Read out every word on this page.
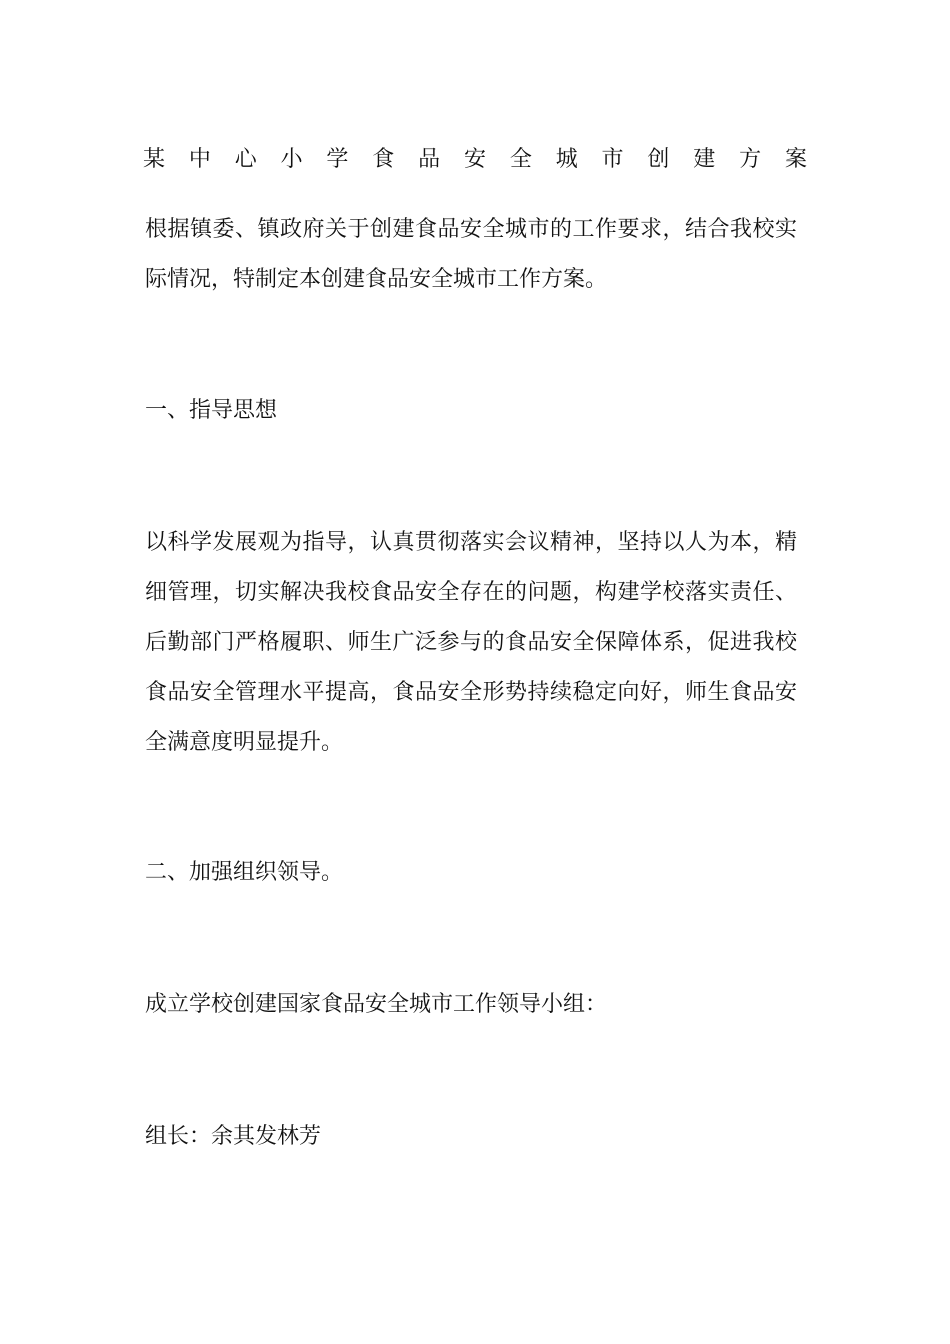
某中心小学食品安全城市创建方案

根据镇委、镇政府关于创建食品安全城市的工作要求，结合我校实际情况，特制定本创建食品安全城市工作方案。

一、指导思想

以科学发展观为指导，认真贯彻落实会议精神，坚持以人为本，精细管理，切实解决我校食品安全存在的问题，构建学校落实责任、后勤部门严格履职、师生广泛参与的食品安全保障体系，促进我校食品安全管理水平提高，食品安全形势持续稳定向好，师生食品安全满意度明显提升。

二、加强组织领导。

成立学校创建国家食品安全城市工作领导小组：

组长：余其发林芳
